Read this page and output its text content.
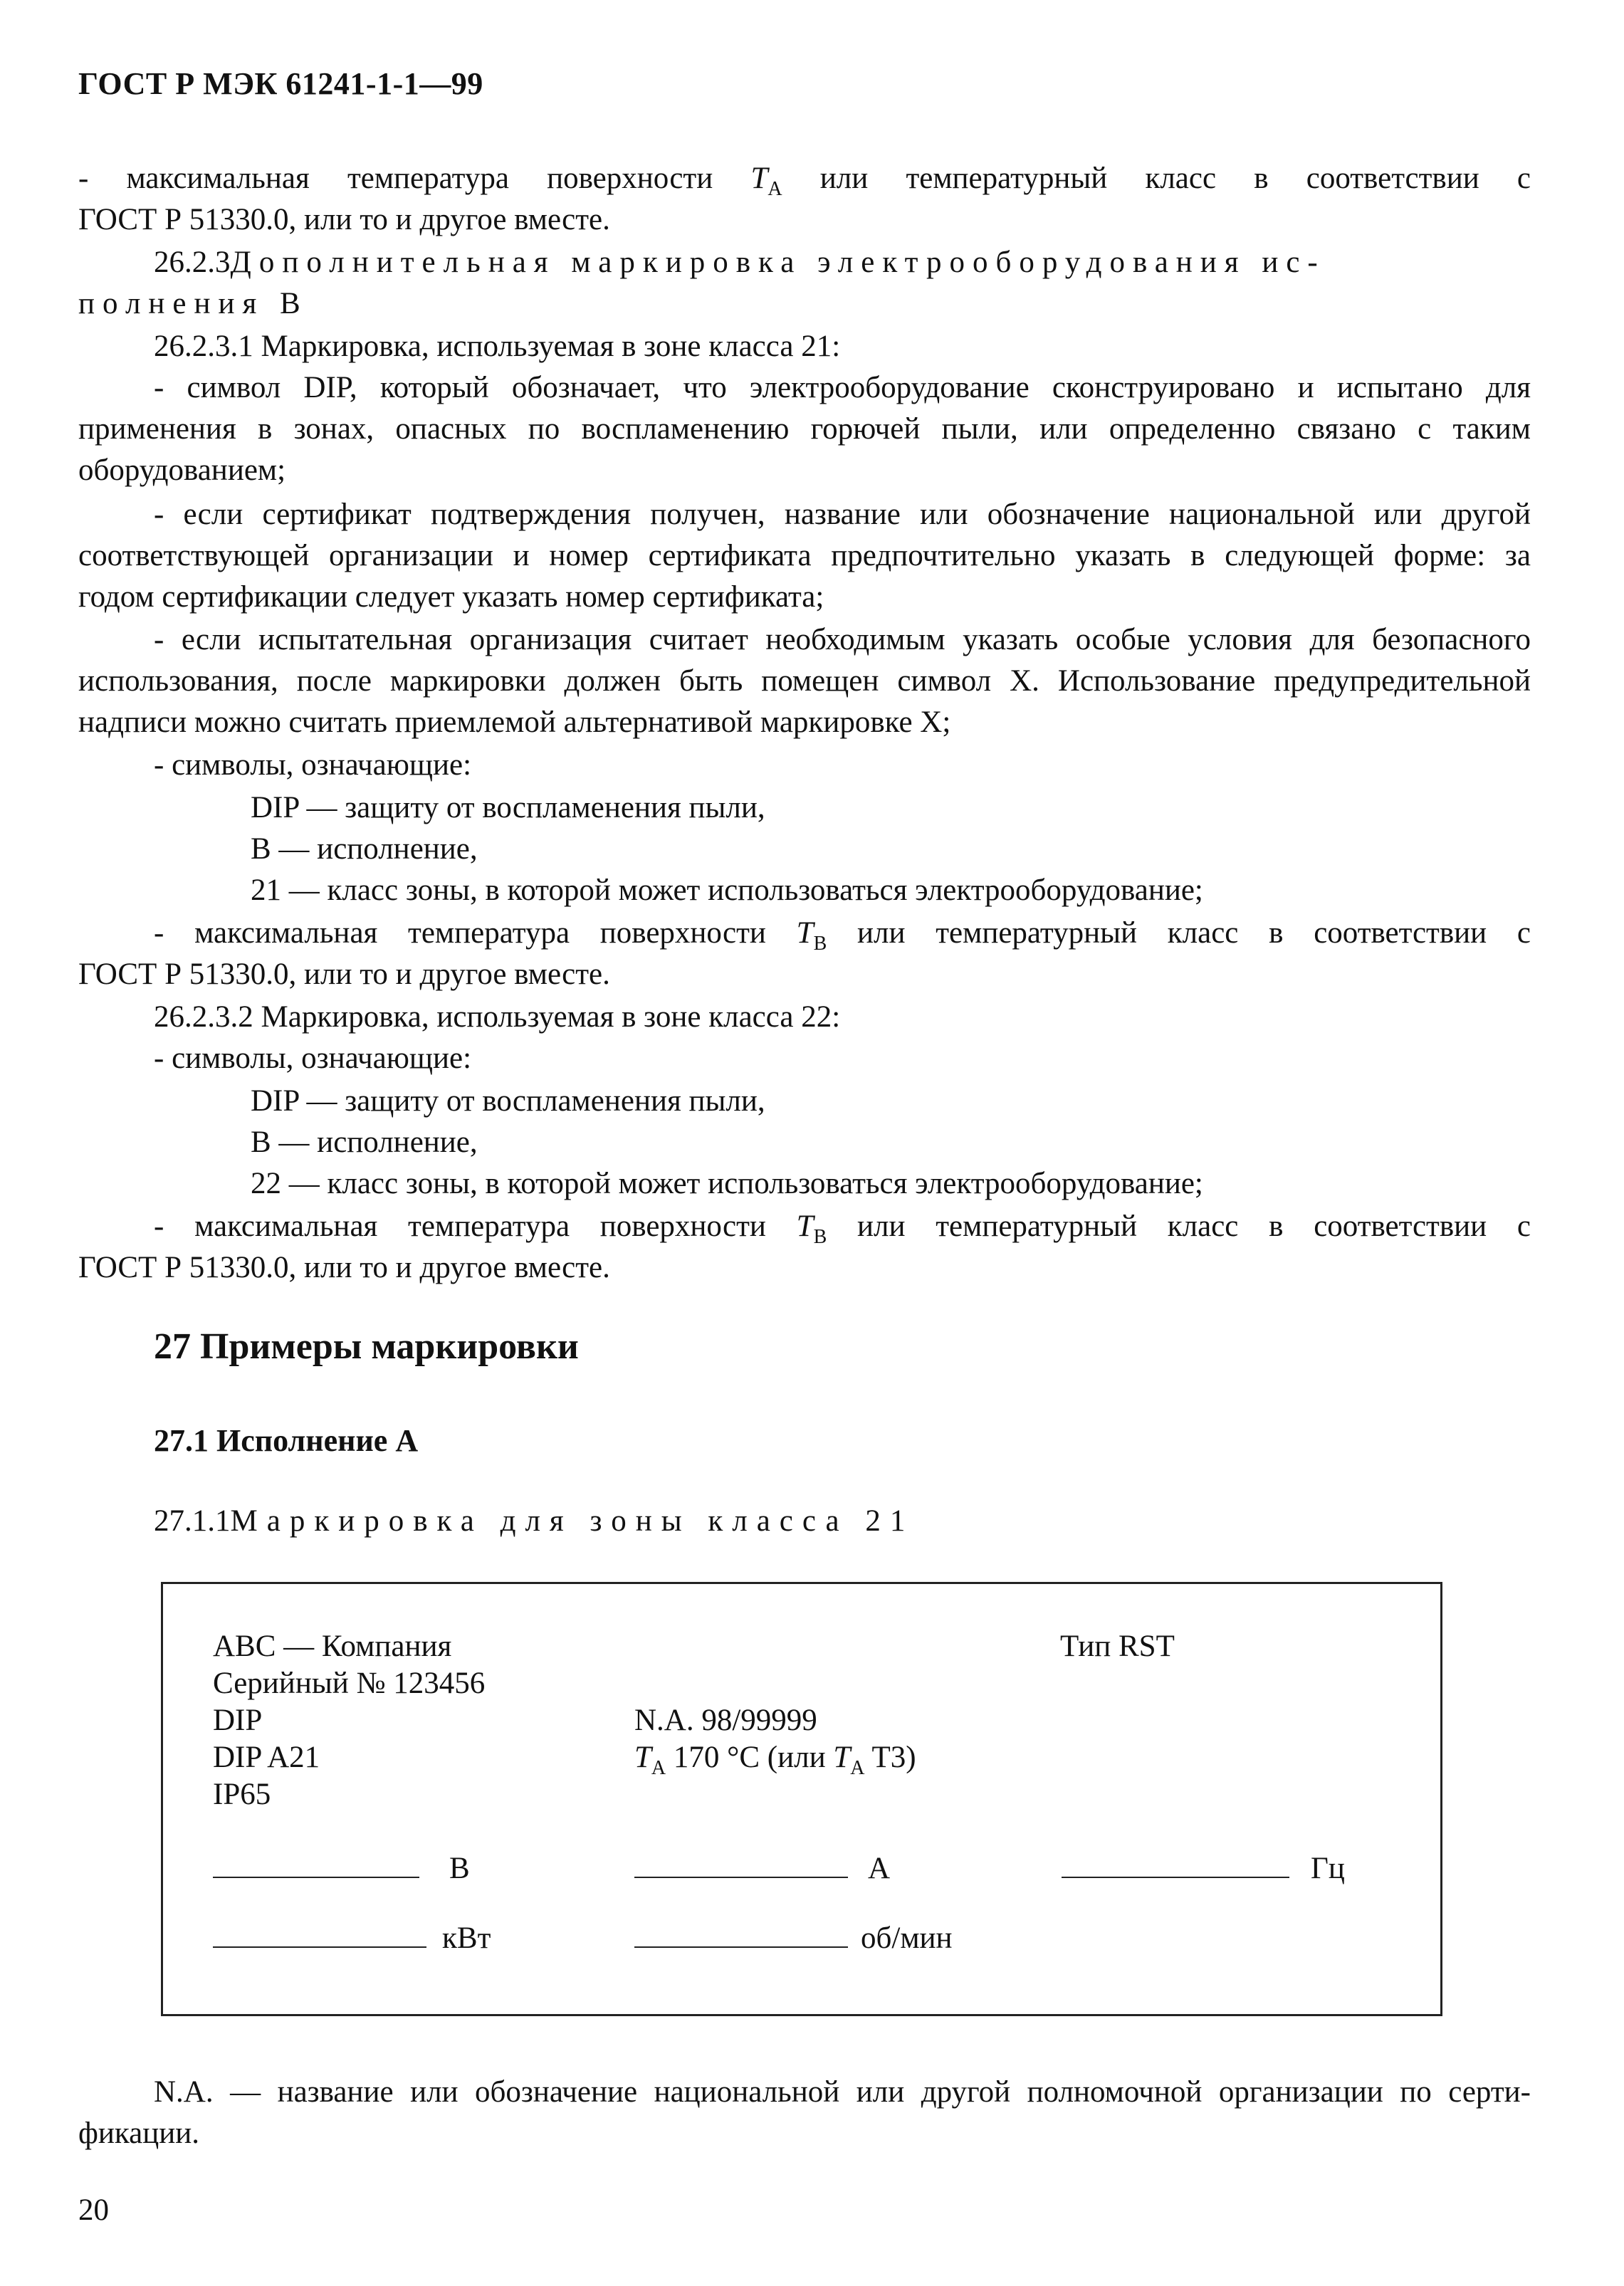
ГОСТ Р МЭК 61241-1-1—99
- максимальная температура поверхности $T_A$ или температурный класс в соответствии с
ГОСТ Р 51330.0, или то и другое вместе.
26.2.3Дополнительная маркировка электрооборудования ис-
полнения В
26.2.3.1 Маркировка, используемая в зоне класса 21:
- символ DIP, который обозначает, что электрооборудование сконструировано и испытано для
применения в зонах, опасных по воспламенению горючей пыли, или определенно связано с таким
оборудованием;
- если сертификат подтверждения получен, название или обозначение национальной или другой
соответствующей организации и номер сертификата предпочтительно указать в следующей форме: за
годом сертификации следует указать номер сертификата;
- если испытательная организация считает необходимым указать особые условия для безопасного
использования, после маркировки должен быть помещен символ X. Использование предупредительной
надписи можно считать приемлемой альтернативой маркировке X;
- символы, означающие:
DIP — защиту от воспламенения пыли,
В — исполнение,
21 — класс зоны, в которой может использоваться электрооборудование;
- максимальная температура поверхности $T_B$ или температурный класс в соответствии с
ГОСТ Р 51330.0, или то и другое вместе.
26.2.3.2 Маркировка, используемая в зоне класса 22:
- символы, означающие:
DIP — защиту от воспламенения пыли,
В — исполнение,
22 — класс зоны, в которой может использоваться электрооборудование;
- максимальная температура поверхности $T_B$ или температурный класс в соответствии с
ГОСТ Р 51330.0, или то и другое вместе.
27 Примеры маркировки
27.1 Исполнение А
27.1.1Маркировка для зоны класса 21
АВС — Компания	Тип RST
Серийный № 123456
DIP	N.A. 98/99999
DIP A21	$T_A$ 170 °C (или $T_A$ T3)
IP65
В	А	Гц
кВт	об/мин
N.A. — название или обозначение национальной или другой полномочной организации по серти-
фикации.
20
